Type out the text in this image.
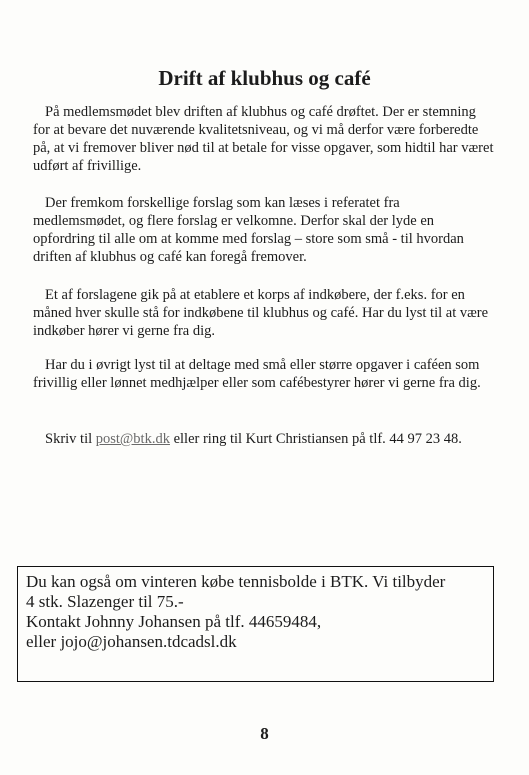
Drift af klubhus og café

På medlemsmødet blev driften af klubhus og café drøftet. Der er stemning for at bevare det nuværende kvalitetsniveau, og vi må derfor være forberedte på, at vi fremover bliver nød til at betale for visse opgaver, som hidtil har været udført af frivillige.

Der fremkom forskellige forslag som kan læses i referatet fra medlemsmødet, og flere forslag er velkomne. Derfor skal der lyde en opfordring til alle om at komme med forslag – store som små - til hvordan driften af klubhus og café kan foregå fremover.

Et af forslagene gik på at etablere et korps af indkøbere, der f.eks. for en måned hver skulle stå for indkøbene til klubhus og café. Har du lyst til at være indkøber hører vi gerne fra dig.

Har du i øvrigt lyst til at deltage med små eller større opgaver i caféen som frivillig eller lønnet medhjælper eller som cafébestyrer hører vi gerne fra dig.

Skriv til post@btk.dk eller ring til Kurt Christiansen på tlf. 44 97 23 48.

Du kan også om vinteren købe tennisbolde i BTK. Vi tilbyder
4 stk. Slazenger til 75.-
Kontakt Johnny Johansen på tlf. 44659484,
eller jojo@johansen.tdcadsl.dk
8
